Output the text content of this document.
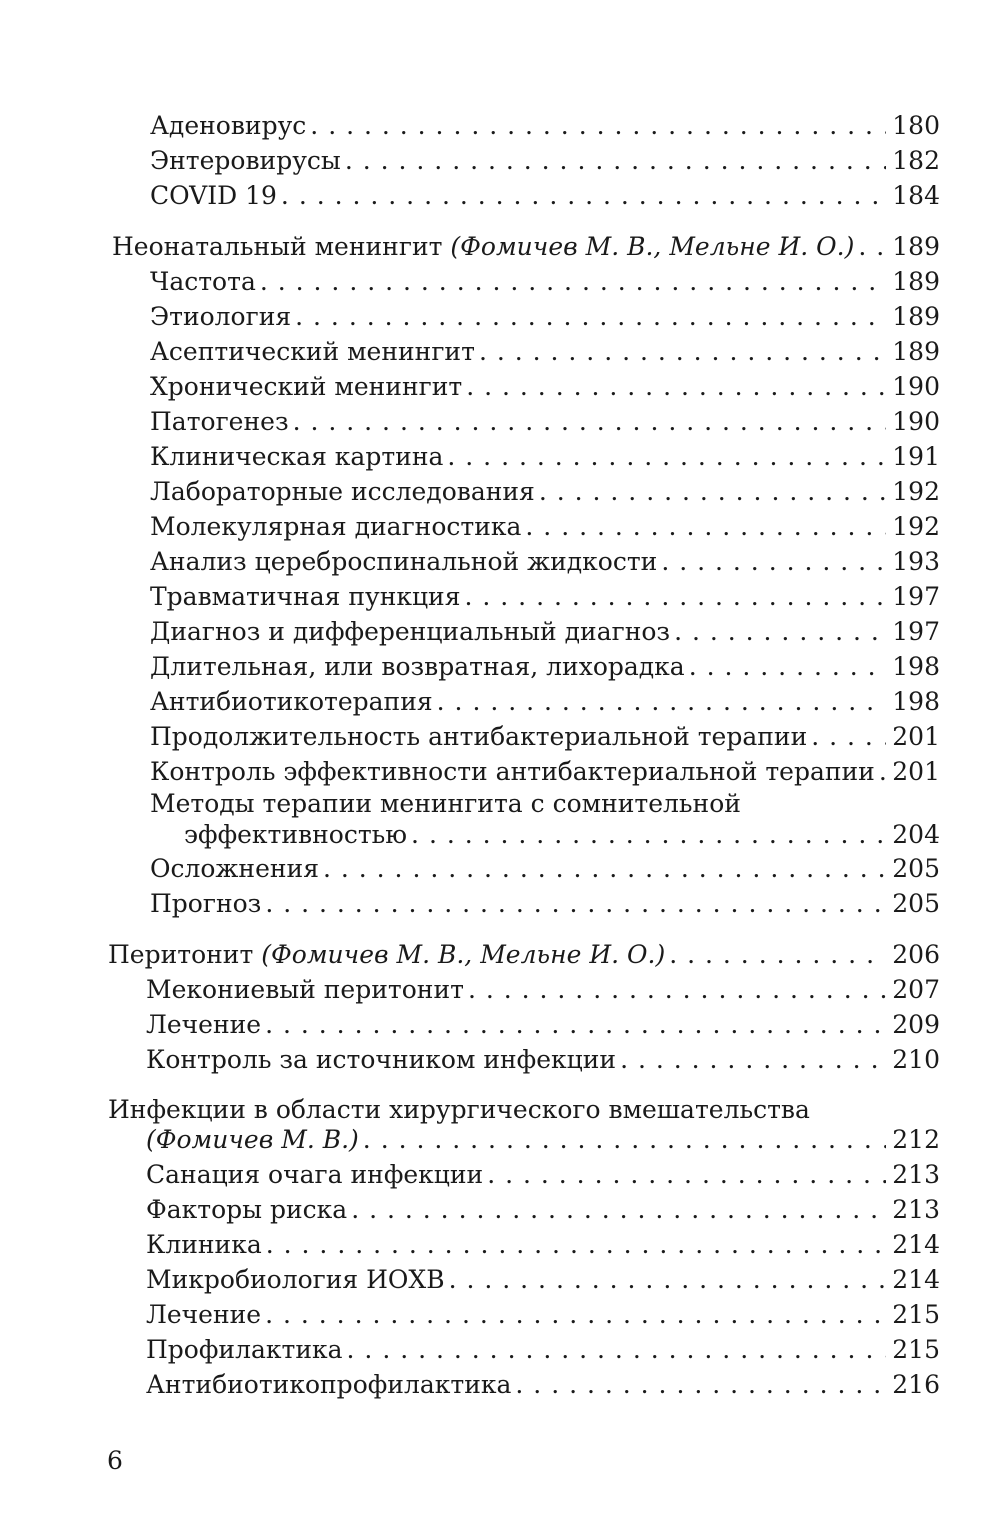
Аденовирус . . .	180
Энтеровирусы . . .	182
COVID 19 . . .	184
Неонатальный менингит (Фомичев М. В., Мельне И. О.) . . . 189
Частота . . .	189
Этиология . . .	189
Асептический менингит . . .	189
Хронический менингит . . .	190
Патогенез . . .	190
Клиническая картина . . .	191
Лабораторные исследования . . .	192
Молекулярная диагностика . . .	192
Анализ цереброспинальной жидкости . . .	193
Травматичная пункция . . .	197
Диагноз и дифференциальный диагноз . . .	197
Длительная, или возвратная, лихорадка . . .	198
Антибиотикотерапия . . .	198
Продолжительность антибактериальной терапии . . .	201
Контроль эффективности антибактериальной терапии . . . 201
Методы терапии менингита с сомнительной
эффективностью . . .	204
Осложнения . . .	205
Прогноз . . .	205
Перитонит (Фомичев М. В., Мельне И. О.) . . .	206
Мекониевый перитонит . . .	207
Лечение . . .	209
Контроль за источником инфекции . . .	210
Инфекции в области хирургического вмешательства
(Фомичев М. В.) . . .	212
Санация очага инфекции . . .	213
Факторы риска . . .	213
Клиника . . .	214
Микробиология ИОХВ . . .	214
Лечение . . .	215
Профилактика . . .	215
Антибиотикопрофилактика . . .	216
6
